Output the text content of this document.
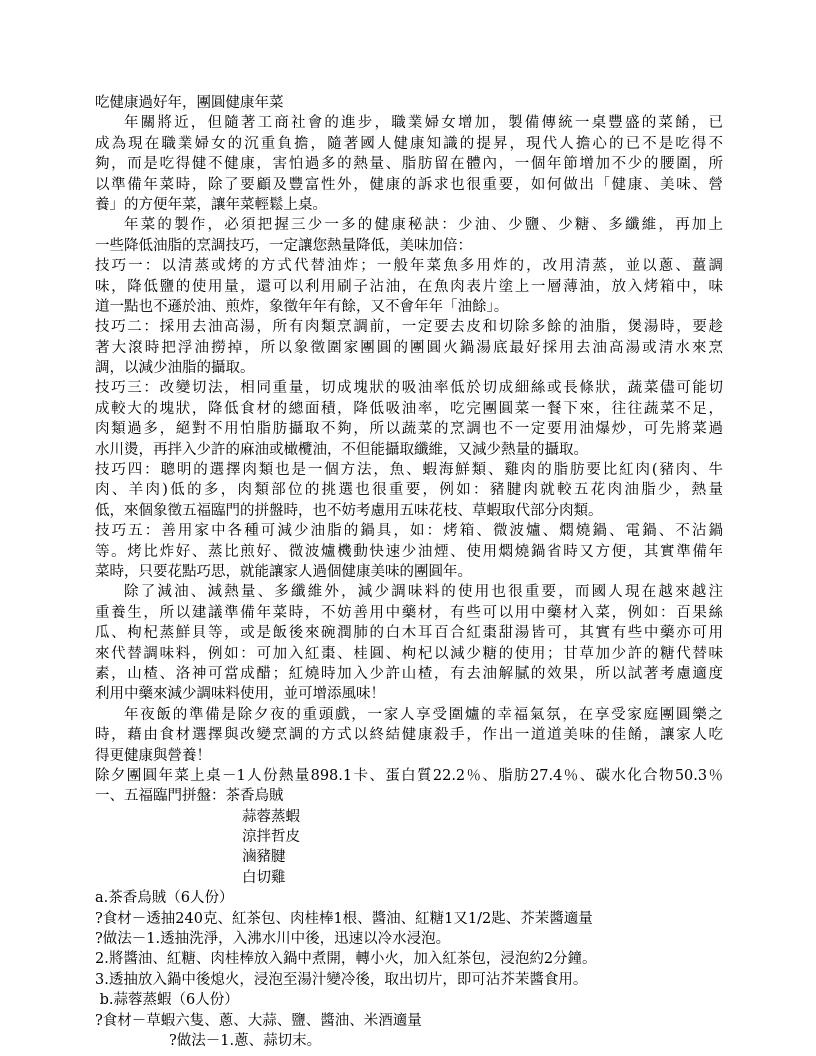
吃健康過好年，團圓健康年菜
年關將近，但隨著工商社會的進步，職業婦女增加，製備傳統一桌豐盛的菜餚，已
成為現在職業婦女的沉重負擔，隨著國人健康知識的提昇，現代人擔心的已不是吃得不
夠，而是吃得健不健康，害怕過多的熱量、脂肪留在體內，一個年節增加不少的腰圍，所
以準備年菜時，除了要顧及豐富性外，健康的訴求也很重要，如何做出「健康、美味、營
養」的方便年菜，讓年菜輕鬆上桌。
年菜的製作，必須把握三少一多的健康秘訣：少油、少鹽、少糖、多纖維，再加上
一些降低油脂的烹調技巧，一定讓您熱量降低，美味加倍：
技巧一：以清蒸或烤的方式代替油炸；一般年菜魚多用炸的，改用清蒸，並以蔥、薑調
味，降低鹽的使用量，還可以利用刷子沾油，在魚肉表片塗上一層薄油，放入烤箱中，味
道一點也不遜於油、煎炸，象徵年年有餘，又不會年年「油餘」。
技巧二：採用去油高湯，所有肉類烹調前，一定要去皮和切除多餘的油脂，煲湯時，要趁
著大滾時把浮油撈掉，所以象徵圍家團圓的團圓火鍋湯底最好採用去油高湯或清水來烹
調，以減少油脂的攝取。
技巧三：改變切法，相同重量，切成塊狀的吸油率低於切成細絲或長條狀，蔬菜儘可能切
成較大的塊狀，降低食材的總面積，降低吸油率，吃完團圓菜一餐下來，往往蔬菜不足，
肉類過多，絕對不用怕脂肪攝取不夠，所以蔬菜的烹調也不一定要用油爆炒，可先將菜過
水川燙，再拌入少許的麻油或橄欖油，不但能攝取纖維，又減少熱量的攝取。
技巧四：聰明的選擇肉類也是一個方法，魚、蝦海鮮類、雞肉的脂肪要比紅肉(豬肉、牛
肉、羊肉)低的多，肉類部位的挑選也很重要，例如：豬腱肉就較五花肉油脂少，熱量
低，來個象徵五福臨門的拼盤時，也不妨考慮用五味花枝、草蝦取代部分肉類。
技巧五：善用家中各種可減少油脂的鍋具，如：烤箱、微波爐、燜燒鍋、電鍋、不沾鍋
等。烤比炸好、蒸比煎好、微波爐機動快速少油煙、使用燜燒鍋省時又方便，其實準備年
菜時，只要花點巧思，就能讓家人過個健康美味的團圓年。
除了減油、減熱量、多纖維外，減少調味料的使用也很重要，而國人現在越來越注
重養生，所以建議準備年菜時，不妨善用中藥材，有些可以用中藥材入菜，例如：百果絲
瓜、枸杞蒸鮮貝等，或是飯後來碗潤肺的白木耳百合紅棗甜湯皆可，其實有些中藥亦可用
來代替調味料，例如：可加入紅棗、桂圓、枸杞以減少糖的使用；甘草加少許的糖代替味
素，山楂、洛神可當成醋；紅燒時加入少許山楂，有去油解膩的效果，所以試著考慮適度
利用中藥來減少調味料使用，並可增添風味！
年夜飯的準備是除夕夜的重頭戲，一家人享受圍爐的幸福氣氛，在享受家庭團圓樂之
時，藉由食材選擇與改變烹調的方式以終結健康殺手，作出一道道美味的佳餚，讓家人吃
得更健康與營養！
除夕團圓年菜上桌－1人份熱量898.1卡、蛋白質22.2％、脂肪27.4％、碳水化合物50.3％
一、五福臨門拼盤：茶香烏賊
蒜蓉蒸蝦
涼拌哲皮
滷豬腱
白切雞
a.茶香烏賊（6人份）
?食材－透抽240克、紅茶包、肉桂棒1根、醬油、紅糖1又1/2匙、芥茉醬適量
?做法－1.透抽洗淨，入沸水川中後，迅速以冷水浸泡。
2.將醬油、紅糖、肉桂棒放入鍋中煮開，轉小火，加入紅茶包，浸泡約2分鐘。
3.透抽放入鍋中後熄火，浸泡至湯汁變冷後，取出切片，即可沾芥茉醬食用。
b.蒜蓉蒸蝦（6人份）
?食材－草蝦六隻、蔥、大蒜、鹽、醬油、米酒適量
?做法－1.蔥、蒜切末。
